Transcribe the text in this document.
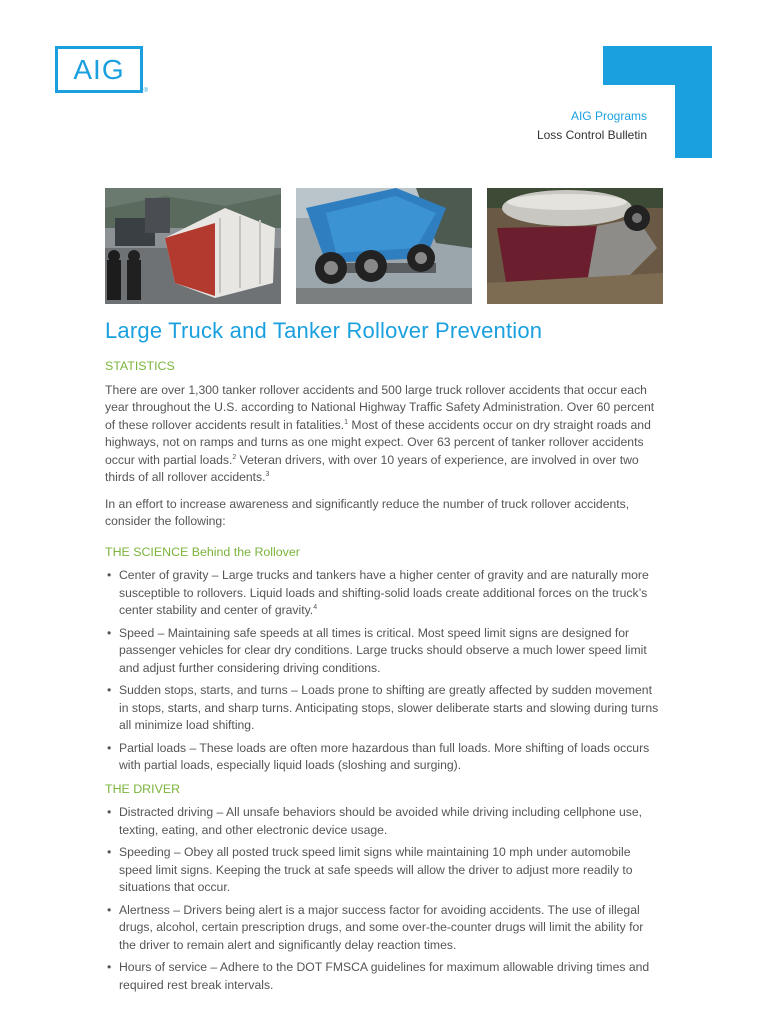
AIG
®
AIG Programs
Loss Control Bulletin
Large Truck and Tanker Rollover Prevention
STATISTICS

There are over 1,300 tanker rollover accidents and 500 large truck rollover accidents that occur each year throughout the U.S. according to National Highway Traffic Safety Administration. Over 60 percent of these rollover accidents result in fatalities.$^1$ Most of these accidents occur on dry straight roads and highways, not on ramps and turns as one might expect. Over 63 percent of tanker rollover accidents occur with partial loads.$^2$ Veteran drivers, with over 10 years of experience, are involved in over two thirds of all rollover accidents.$^3$

In an effort to increase awareness and significantly reduce the number of truck rollover accidents, consider the following:

THE SCIENCE Behind the Rollover
• Center of gravity – Large trucks and tankers have a higher center of gravity and are naturally more susceptible to rollovers. Liquid loads and shifting-solid loads create additional forces on the truck’s center stability and center of gravity.$^4$
• Speed – Maintaining safe speeds at all times is critical. Most speed limit signs are designed for passenger vehicles for clear dry conditions. Large trucks should observe a much lower speed limit and adjust further considering driving conditions.
• Sudden stops, starts, and turns – Loads prone to shifting are greatly affected by sudden movement in stops, starts, and sharp turns. Anticipating stops, slower deliberate starts and slowing during turns all minimize load shifting.
• Partial loads – These loads are often more hazardous than full loads. More shifting of loads occurs with partial loads, especially liquid loads (sloshing and surging).
THE DRIVER
• Distracted driving – All unsafe behaviors should be avoided while driving including cellphone use, texting, eating, and other electronic device usage.
• Speeding – Obey all posted truck speed limit signs while maintaining 10 mph under automobile speed limit signs. Keeping the truck at safe speeds will allow the driver to adjust more readily to situations that occur.
• Alertness – Drivers being alert is a major success factor for avoiding accidents. The use of illegal drugs, alcohol, certain prescription drugs, and some over-the-counter drugs will limit the ability for the driver to remain alert and significantly delay reaction times.
• Hours of service – Adhere to the DOT FMSCA guidelines for maximum allowable driving times and required rest break intervals.
